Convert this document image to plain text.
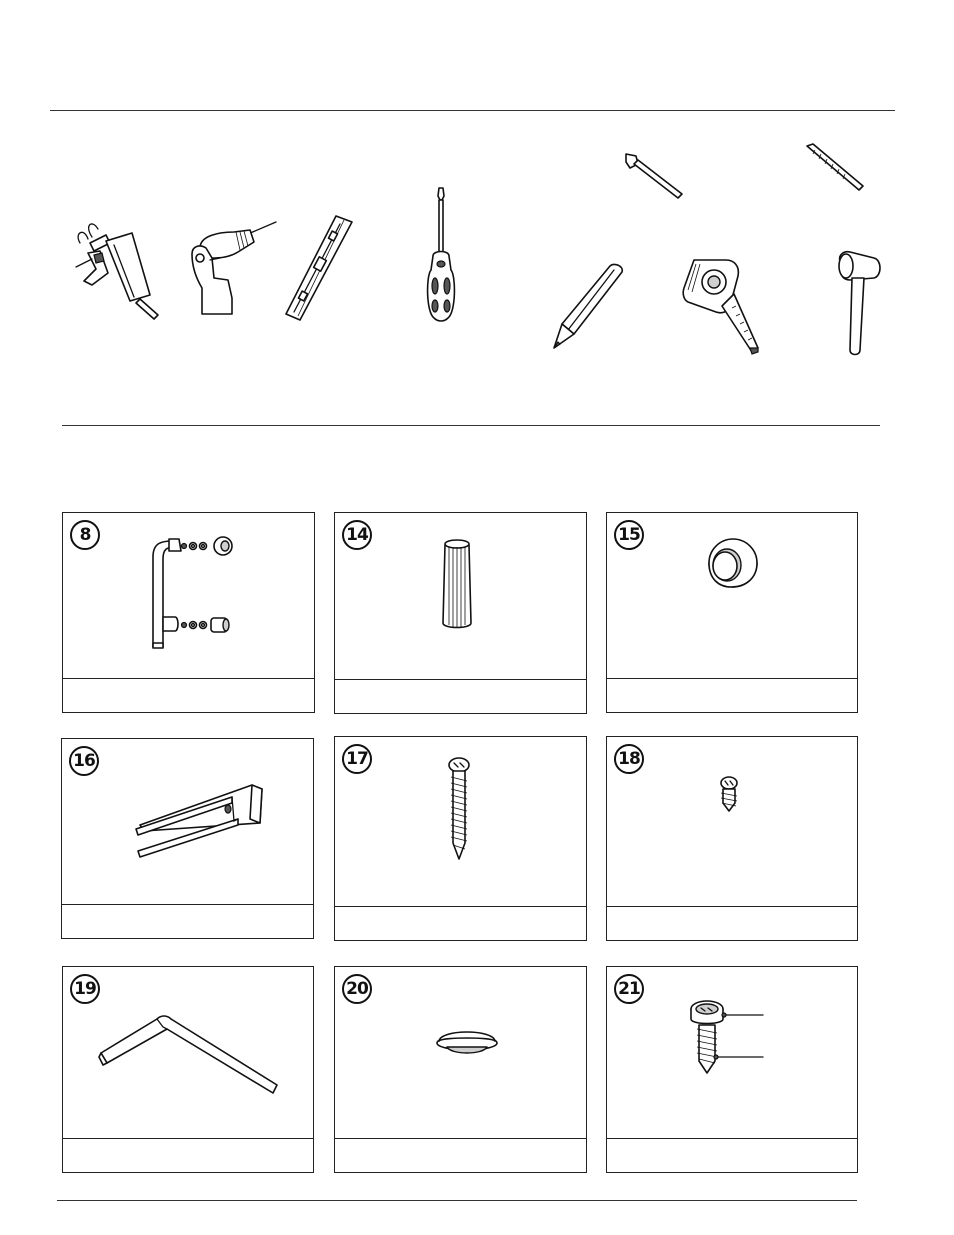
8	14	15
16	17	18
19	20	21
